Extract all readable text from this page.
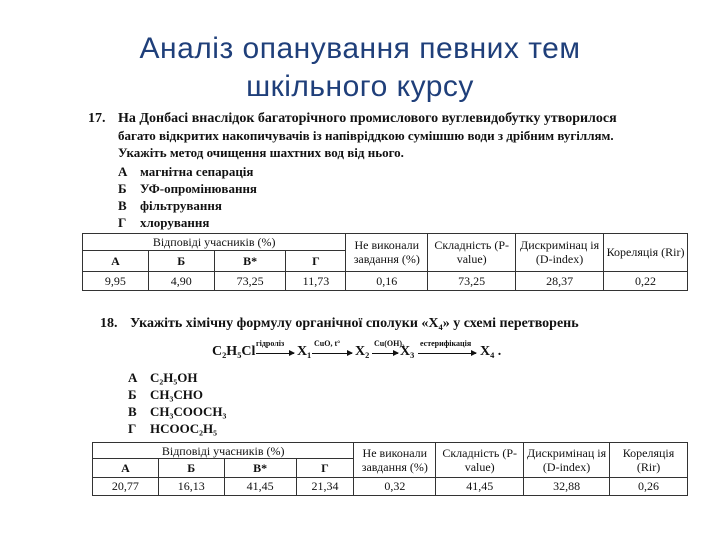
Аналіз опанування певних тем
шкільного курсу
17. На Донбасі внаслідок багаторічного промислового вуглевидобутку утворилося
багато відкритих накопичувачів із напівріддкою сумішшю води з дрібним вугіллям.
Укажіть метод очищення шахтних вод від нього.
А магнітна сепарація
Б УФ-опромінювання
В фільтрування
Г хлорування
Відповіді учасників (%)				Не виконали завдання (%)	Складність (P-value)	Дискримінац ія (D-index)	Кореляція (Rir)
А	Б	В*	Г				
9,95	4,90	73,25	11,73	0,16	73,25	28,37	0,22
18. Укажіть хімічну формулу органічної сполуки «X₄» у схемі перетворень
C₂H₅Cl
гідроліз
→ X₁
CuO, t°
→ X₂
Cu(OH)₂
→ X₃
естерифікація
→ X₄ .
А C₂H₅OH
Б CH₃CHO
В CH₃COOCH₃
Г HCOOC₂H₅
Відповіді учасників (%)				Не виконали завдання (%)	Складність (P-value)	Дискримінац ія (D-index)	Кореляція (Rir)
А	Б	В*	Г				
20,77	16,13	41,45	21,34	0,32	41,45	32,88	0,26
